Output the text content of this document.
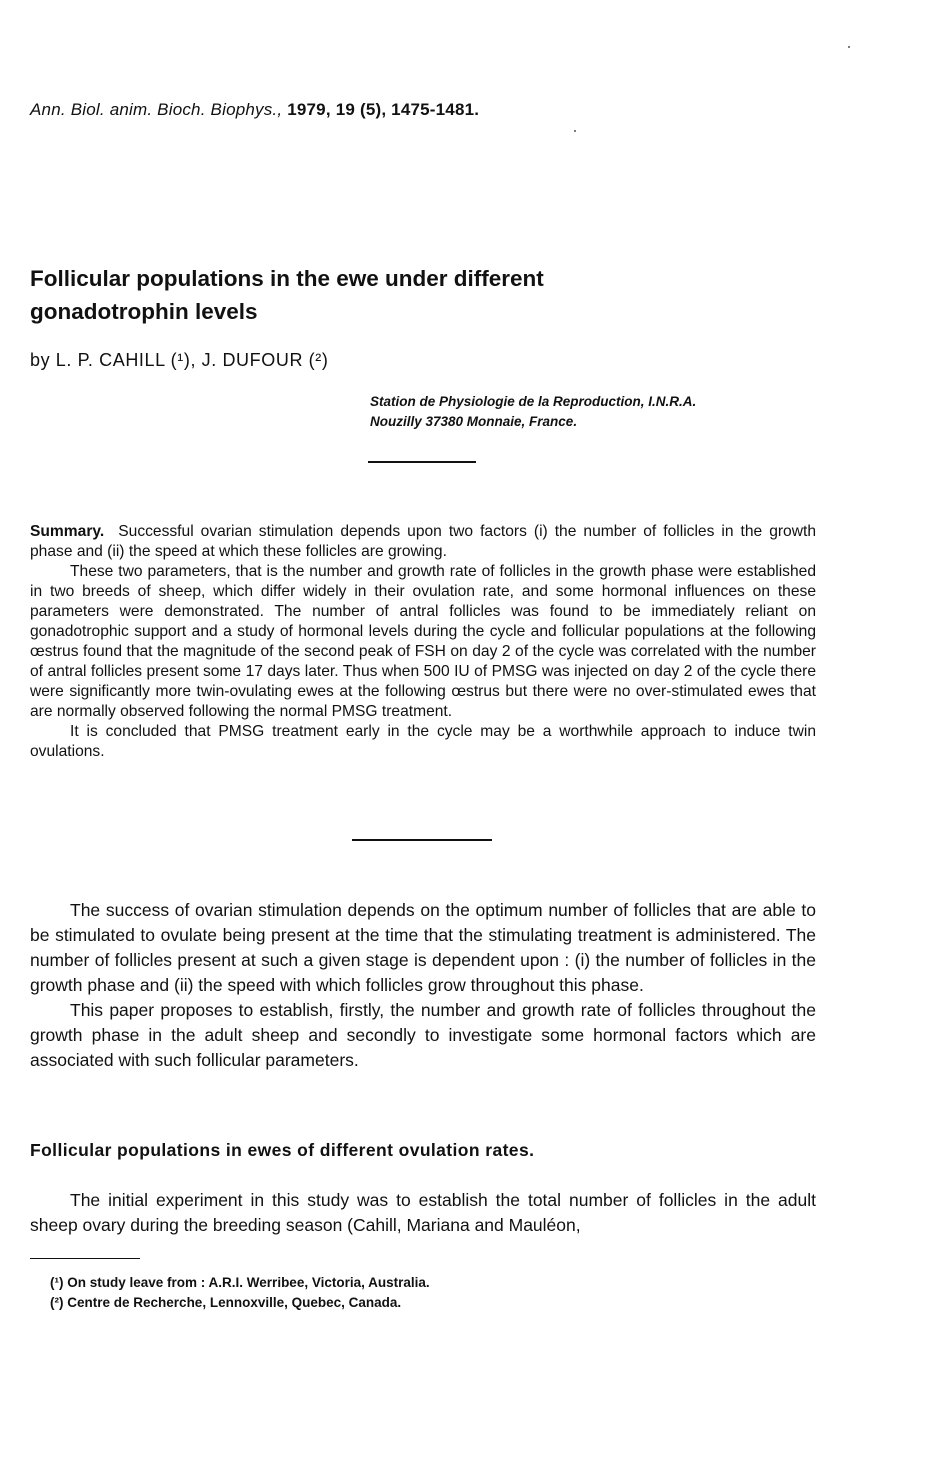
Ann. Biol. anim. Bioch. Biophys., 1979, 19 (5), 1475-1481.
Follicular populations in the ewe under different
gonadotrophin levels
by L. P. CAHILL (¹), J. DUFOUR (²)
Station de Physiologie de la Reproduction, I.N.R.A.
Nouzilly 37380 Monnaie, France.

Summary. Successful ovarian stimulation depends upon two factors (i) the number of follicles in the growth phase and (ii) the speed at which these follicles are growing.

These two parameters, that is the number and growth rate of follicles in the growth phase were established in two breeds of sheep, which differ widely in their ovulation rate, and some hormonal influences on these parameters were demonstrated. The number of antral follicles was found to be immediately reliant on gonadotrophic support and a study of hormonal levels during the cycle and follicular populations at the following œstrus found that the magnitude of the second peak of FSH on day 2 of the cycle was correlated with the number of antral follicles present some 17 days later. Thus when 500 IU of PMSG was injected on day 2 of the cycle there were significantly more twin-ovulating ewes at the following œstrus but there were no over-stimulated ewes that are normally observed following the normal PMSG treatment.

It is concluded that PMSG treatment early in the cycle may be a worthwhile approach to induce twin ovulations.

The success of ovarian stimulation depends on the optimum number of follicles that are able to be stimulated to ovulate being present at the time that the stimulating treatment is administered. The number of follicles present at such a given stage is dependent upon : (i) the number of follicles in the growth phase and (ii) the speed with which follicles grow throughout this phase.

This paper proposes to establish, firstly, the number and growth rate of follicles throughout the growth phase in the adult sheep and secondly to investigate some hormonal factors which are associated with such follicular parameters.

Follicular populations in ewes of different ovulation rates.

The initial experiment in this study was to establish the total number of follicles in the adult sheep ovary during the breeding season (Cahill, Mariana and Mauléon,

(¹) On study leave from : A.R.I. Werribee, Victoria, Australia.
(²) Centre de Recherche, Lennoxville, Quebec, Canada.
